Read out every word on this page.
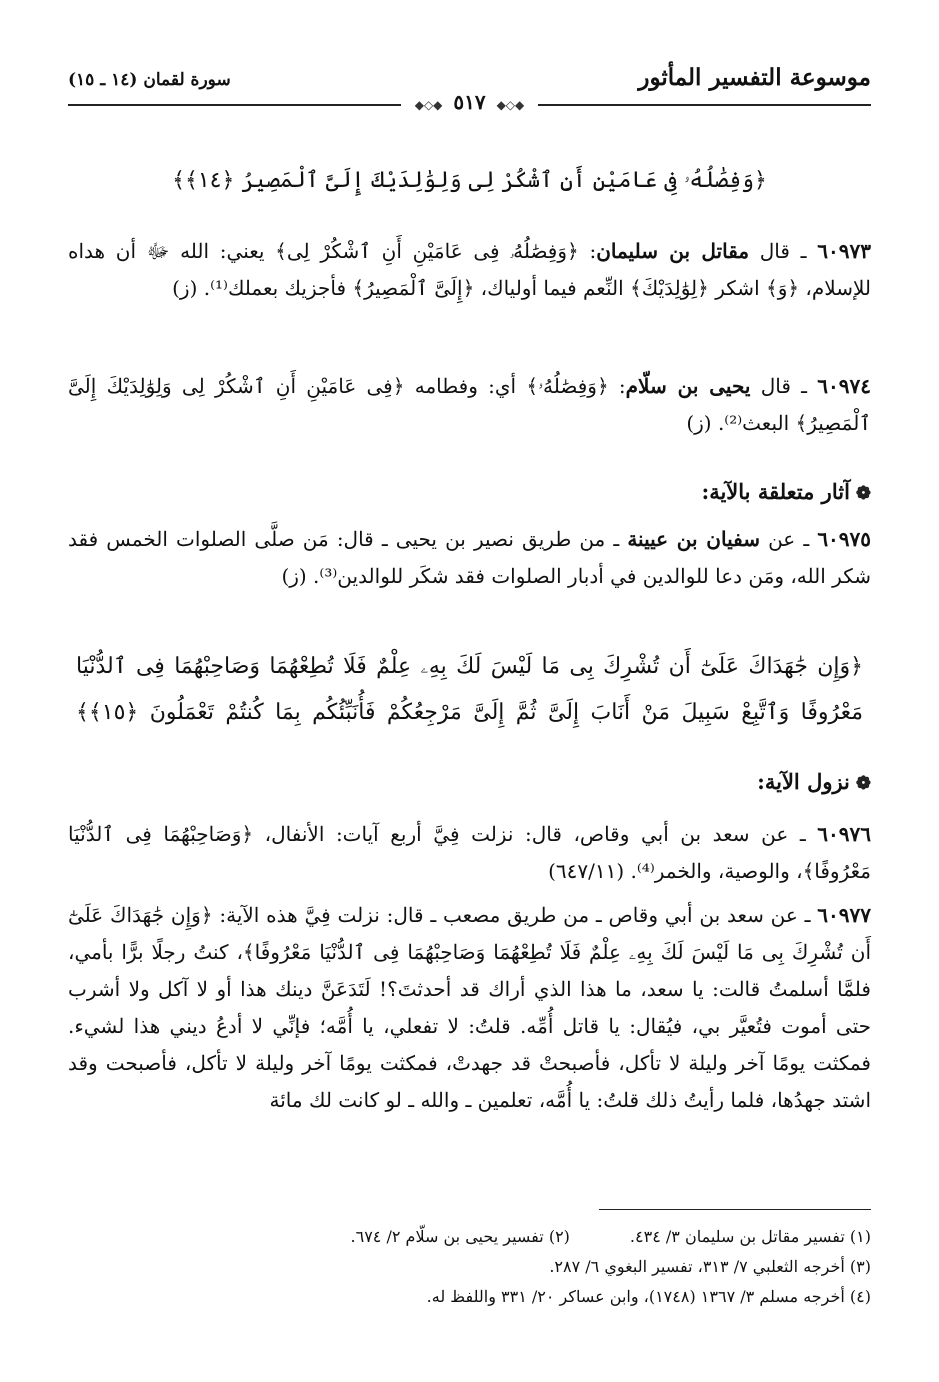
موسوعة التفسير المأثور
سورة لقمان (١٤ ـ ١٥)
◆◇◆ ٥١٧ ◆◇◆

﴿وَفِصَٰلُهُۥ فِى عَامَيْنِ أَنِ ٱشْكُرْ لِى وَلِوَٰلِدَيْكَ إِلَىَّ ٱلْمَصِيرُ ﴿١٤﴾﴾

٦٠٩٧٣ ـ قال مقاتل بن سليمان: ﴿وَفِصَٰلُهُۥ فِى عَامَيْنِ أَنِ ٱشْكُرْ لِى﴾ يعني: الله ﷻ أن هداه للإسلام، ﴿وَ﴾ اشكر ﴿لِوَٰلِدَيْكَ﴾ النِّعم فيما أولياك، ﴿إِلَىَّ ٱلْمَصِيرُ﴾ فأجزيك بعملك⁽¹⁾. (ز)

٦٠٩٧٤ ـ قال يحيى بن سلّام: ﴿وَفِصَٰلُهُۥ﴾ أي: وفطامه ﴿فِى عَامَيْنِ أَنِ ٱشْكُرْ لِى وَلِوَٰلِدَيْكَ إِلَىَّ ٱلْمَصِيرُ﴾ البعث⁽²⁾. (ز)

❁آثار متعلقة بالآية:

٦٠٩٧٥ ـ عن سفيان بن عيينة ـ من طريق نصير بن يحيى ـ قال: مَن صلَّى الصلوات الخمس فقد شكر الله، ومَن دعا للوالدين في أدبار الصلوات فقد شكَر للوالدين⁽³⁾. (ز)

﴿وَإِن جَٰهَدَاكَ عَلَىٰٓ أَن تُشْرِكَ بِى مَا لَيْسَ لَكَ بِهِۦ عِلْمٌ فَلَا تُطِعْهُمَا وَصَاحِبْهُمَا فِى ٱلدُّنْيَا مَعْرُوفًا وَٱتَّبِعْ سَبِيلَ مَنْ أَنَابَ إِلَىَّ ثُمَّ إِلَىَّ مَرْجِعُكُمْ فَأُنَبِّئُكُم بِمَا كُنتُمْ تَعْمَلُونَ ﴿١٥﴾﴾

❁نزول الآية:

٦٠٩٧٦ ـ عن سعد بن أبي وقاص، قال: نزلت فِيَّ أربع آيات: الأنفال، ﴿وَصَاحِبْهُمَا فِى ٱلدُّنْيَا مَعْرُوفًا﴾، والوصية، والخمر⁽⁴⁾. (٦٤٧/١١)

٦٠٩٧٧ ـ عن سعد بن أبي وقاص ـ من طريق مصعب ـ قال: نزلت فِيَّ هذه الآية: ﴿وَإِن جَٰهَدَاكَ عَلَىٰٓ أَن تُشْرِكَ بِى مَا لَيْسَ لَكَ بِهِۦ عِلْمٌ فَلَا تُطِعْهُمَا وَصَاحِبْهُمَا فِى ٱلدُّنْيَا مَعْرُوفًا﴾، كنتُ رجلًا برًّا بأمي، فلمَّا أسلمتُ قالت: يا سعد، ما هذا الذي أراك قد أحدثتَ؟! لَتَدَعَنَّ دينك هذا أو لا آكل ولا أشرب حتى أموت فتُعيَّر بي، فيُقال: يا قاتل أُمِّه. قلتُ: لا تفعلي، يا أُمَّه؛ فإنِّي لا أدعُ ديني هذا لشيء. فمكثت يومًا آخر وليلة لا تأكل، فأصبحتْ قد جهدتْ، فمكثت يومًا آخر وليلة لا تأكل، فأصبحت وقد اشتد جهدُها، فلما رأيتُ ذلك قلتُ: يا أُمَّه، تعلمين ـ والله ـ لو كانت لك مائة

(١) تفسير مقاتل بن سليمان ٣/ ٤٣٤.
(٢) تفسير يحيى بن سلّام ٢/ ٦٧٤.
(٣) أخرجه الثعلبي ٧/ ٣١٣، تفسير البغوي ٦/ ٢٨٧.
(٤) أخرجه مسلم ٣/ ١٣٦٧ (١٧٤٨)، وابن عساكر ٢٠/ ٣٣١ واللفظ له.
